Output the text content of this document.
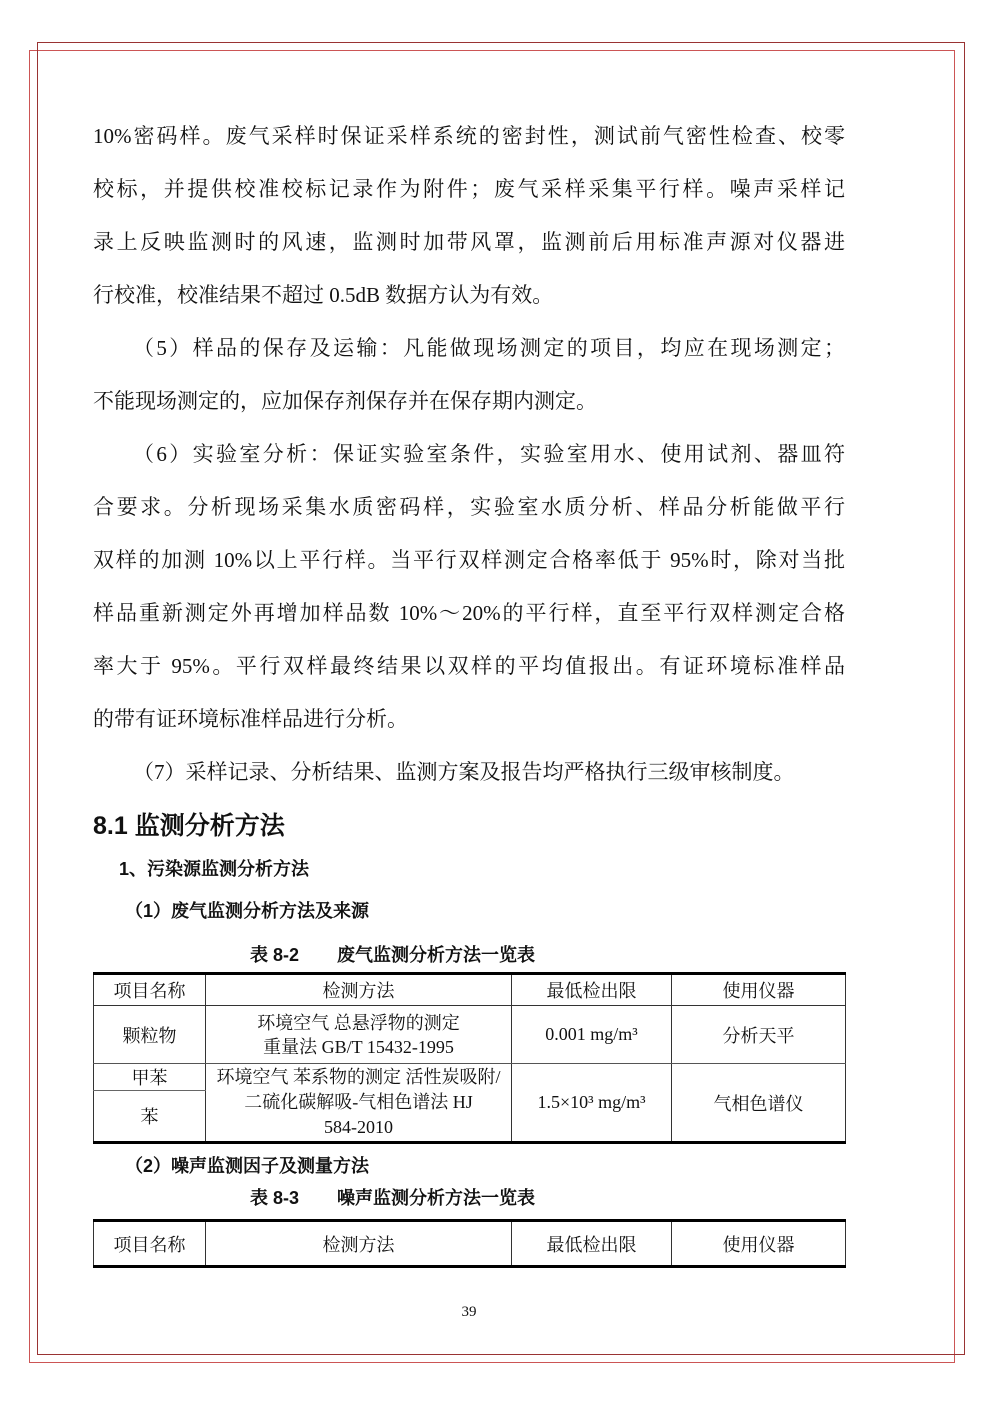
10%密码样。废气采样时保证采样系统的密封性，测试前气密性检查、校零
校标，并提供校准校标记录作为附件；废气采样采集平行样。噪声采样记
录上反映监测时的风速，监测时加带风罩，监测前后用标准声源对仪器进
行校准，校准结果不超过 0.5dB 数据方认为有效。
（5）样品的保存及运输：凡能做现场测定的项目，均应在现场测定；
不能现场测定的，应加保存剂保存并在保存期内测定。
（6）实验室分析：保证实验室条件，实验室用水、使用试剂、器皿符
合要求。分析现场采集水质密码样，实验室水质分析、样品分析能做平行
双样的加测 10%以上平行样。当平行双样测定合格率低于 95%时，除对当批
样品重新测定外再增加样品数 10%～20%的平行样，直至平行双样测定合格
率大于 95%。平行双样最终结果以双样的平均值报出。有证环境标准样品
的带有证环境标准样品进行分析。
（7）采样记录、分析结果、监测方案及报告均严格执行三级审核制度。
8.1 监测分析方法
1、污染源监测分析方法
（1）废气监测分析方法及来源
表 8-2 废气监测分析方法一览表
项目名称	检测方法	最低检出限	使用仪器
颗粒物	环境空气 总悬浮物的测定
重量法 GB/T 15432-1995	0.001 mg/m³	分析天平
甲苯	环境空气 苯系物的测定 活性炭吸附/
二硫化碳解吸-气相色谱法 HJ
584-2010	1.5×10³ mg/m³	气相色谱仪
苯			
（2）噪声监测因子及测量方法
表 8-3 噪声监测分析方法一览表
项目名称	检测方法	最低检出限	使用仪器
39
